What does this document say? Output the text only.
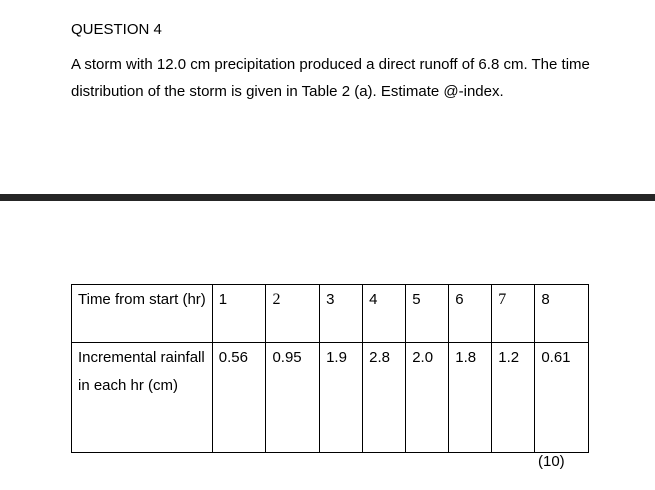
QUESTION 4

A storm with 12.0 cm precipitation produced a direct runoff of 6.8 cm. The time distribution of the storm is given in Table 2 (a). Estimate @-index.

Time from start (hr)	1	2	3	4	5	6	7	8
Incremental rainfall in each hr (cm)	0.56	0.95	1.9	2.8	2.0	1.8	1.2	0.61
(10)
